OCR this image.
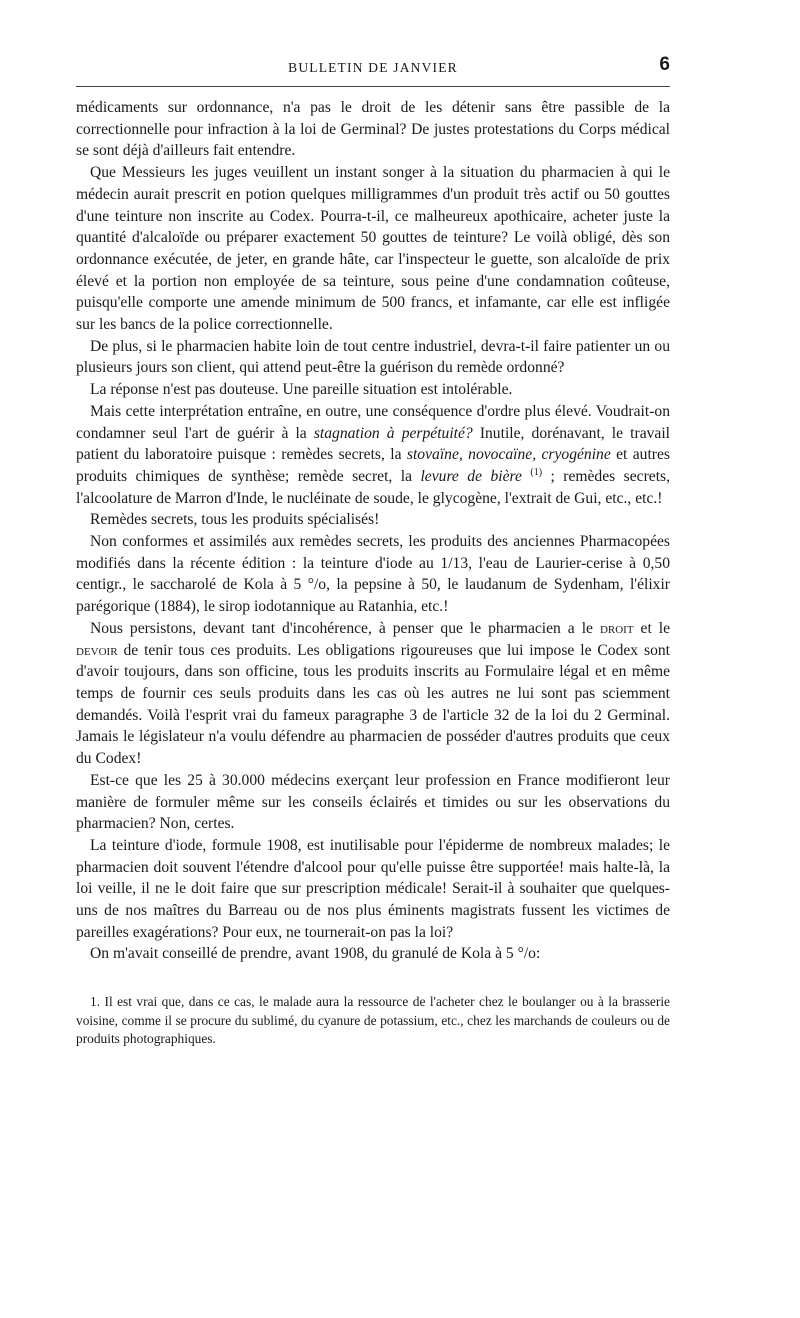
BULLETIN DE JANVIER	6

médicaments sur ordonnance, n'a pas le droit de les détenir sans être passible de la correctionnelle pour infraction à la loi de Germinal? De justes protestations du Corps médical se sont déjà d'ailleurs fait entendre.

Que Messieurs les juges veuillent un instant songer à la situation du pharmacien à qui le médecin aurait prescrit en potion quelques milligrammes d'un produit très actif ou 50 gouttes d'une teinture non inscrite au Codex. Pourra-t-il, ce malheureux apothicaire, acheter juste la quantité d'alcaloïde ou préparer exactement 50 gouttes de teinture? Le voilà obligé, dès son ordonnance exécutée, de jeter, en grande hâte, car l'inspecteur le guette, son alcaloïde de prix élevé et la portion non employée de sa teinture, sous peine d'une condamnation coûteuse, puisqu'elle comporte une amende minimum de 500 francs, et infamante, car elle est infligée sur les bancs de la police correctionnelle.

De plus, si le pharmacien habite loin de tout centre industriel, devra-t-il faire patienter un ou plusieurs jours son client, qui attend peut-être la guérison du remède ordonné?

La réponse n'est pas douteuse. Une pareille situation est intolérable.

Mais cette interprétation entraîne, en outre, une conséquence d'ordre plus élevé. Voudrait-on condamner seul l'art de guérir à la stagnation à perpétuité? Inutile, dorénavant, le travail patient du laboratoire puisque : remèdes secrets, la stovaïne, novocaïne, cryogénine et autres produits chimiques de synthèse; remède secret, la levure de bière $^{(1)}$ ; remèdes secrets, l'alcoolature de Marron d'Inde, le nucléinate de soude, le glycogène, l'extrait de Gui, etc., etc.!

Remèdes secrets, tous les produits spécialisés!

Non conformes et assimilés aux remèdes secrets, les produits des anciennes Pharmacopées modifiés dans la récente édition : la teinture d'iode au 1/13, l'eau de Laurier-cerise à 0,50 centigr., le saccharolé de Kola à 5 °/o, la pepsine à 50, le laudanum de Sydenham, l'élixir parégorique (1884), le sirop iodotannique au Ratanhia, etc.!

Nous persistons, devant tant d'incohérence, à penser que le pharmacien a le droit et le devoir de tenir tous ces produits. Les obligations rigoureuses que lui impose le Codex sont d'avoir toujours, dans son officine, tous les produits inscrits au Formulaire légal et en même temps de fournir ces seuls produits dans les cas où les autres ne lui sont pas sciemment demandés. Voilà l'esprit vrai du fameux paragraphe 3 de l'article 32 de la loi du 2 Germinal. Jamais le législateur n'a voulu défendre au pharmacien de posséder d'autres produits que ceux du Codex!

Est-ce que les 25 à 30.000 médecins exerçant leur profession en France modifieront leur manière de formuler même sur les conseils éclairés et timides ou sur les observations du pharmacien? Non, certes.

La teinture d'iode, formule 1908, est inutilisable pour l'épiderme de nombreux malades; le pharmacien doit souvent l'étendre d'alcool pour qu'elle puisse être supportée! mais halte-là, la loi veille, il ne le doit faire que sur prescription médicale! Serait-il à souhaiter que quelques-uns de nos maîtres du Barreau ou de nos plus éminents magistrats fussent les victimes de pareilles exagérations? Pour eux, ne tournerait-on pas la loi?

On m'avait conseillé de prendre, avant 1908, du granulé de Kola à 5 °/o:

1. Il est vrai que, dans ce cas, le malade aura la ressource de l'acheter chez le boulanger ou à la brasserie voisine, comme il se procure du sublimé, du cyanure de potassium, etc., chez les marchands de couleurs ou de produits photographiques.
